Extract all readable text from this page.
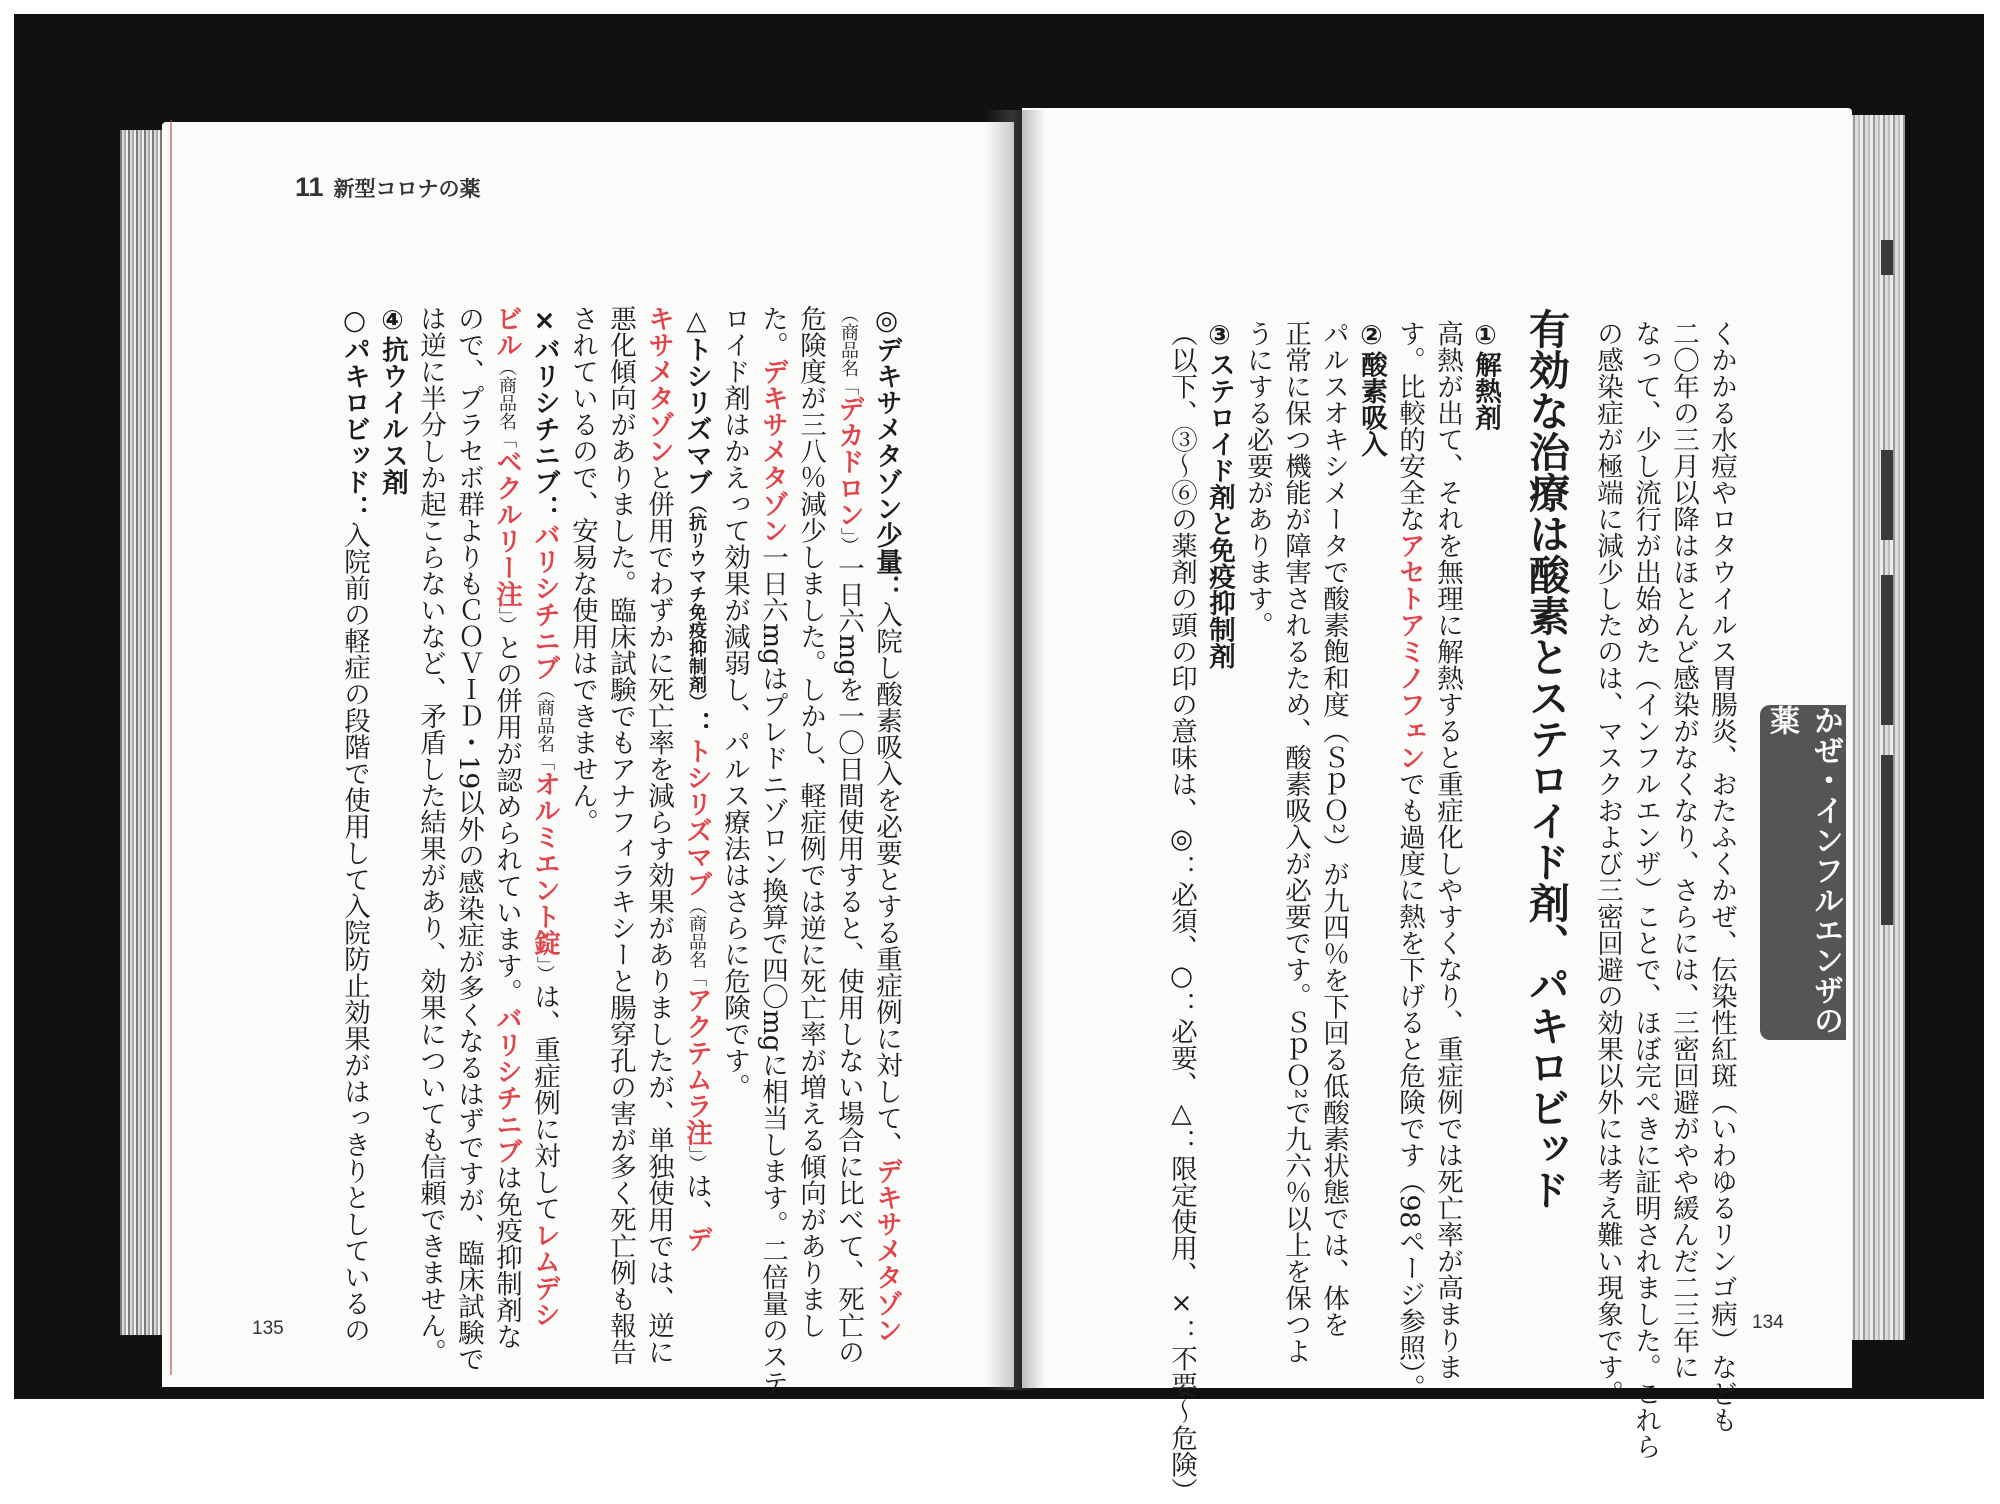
11 新型コロナの薬
◎デキサメタゾン少量：入院し酸素吸入を必要とする重症例に対して、デキサメタゾン
（商品名「デカドロン」）一日六mgを一〇日間使用すると、使用しない場合に比べて、死亡の
危険度が三八％減少しました。しかし、軽症例では逆に死亡率が増える傾向がありまし
た。デキサメタゾン一日六mgはプレドニゾロン換算で四〇mgに相当します。二倍量のステ
ロイド剤はかえって効果が減弱し、パルス療法はさらに危険です。
△トシリズマブ（抗リウマチ免疫抑制剤）：トシリズマブ（商品名「アクテムラ注」）は、デ
キサメタゾンと併用でわずかに死亡率を減らす効果がありましたが、単独使用では、逆に
悪化傾向がありました。臨床試験でもアナフィラキシーと腸穿孔の害が多く死亡例も報告
されているので、安易な使用はできません。
×バリシチニブ：バリシチニブ（商品名「オルミエント錠」）は、重症例に対してレムデシ
ビル（商品名「ベクルリー注」）との併用が認められています。バリシチニブは免疫抑制剤な
ので、プラセボ群よりもＣＯＶＩＤ・19以外の感染症が多くなるはずですが、臨床試験で
は逆に半分しか起こらないなど、矛盾した結果があり、効果についても信頼できません。
④抗ウイルス剤
○パキロビッド：入院前の軽症の段階で使用して入院防止効果がはっきりとしているの	くかかる水痘やロタウイルス胃腸炎、おたふくかぜ、伝染性紅斑（いわゆるリンゴ病）なども
二〇年の三月以降はほとんど感染がなくなり、さらには、三密回避がやや緩んだ二三年に
なって、少し流行が出始めた（インフルエンザ）ことで、ほぼ完ぺきに証明されました。これら
の感染症が極端に減少したのは、マスクおよび三密回避の効果以外には考え難い現象です。
有効な治療は酸素とステロイド剤、パキロビッド
①解熱剤
高熱が出て、それを無理に解熱すると重症化しやすくなり、重症例では死亡率が高まりま
す。比較的安全なアセトアミノフェンでも過度に熱を下げると危険です（98ページ参照）。
②酸素吸入
パルスオキシメータで酸素飽和度（ＳｐＯ²）が九四％を下回る低酸素状態では、体を
正常に保つ機能が障害されるため、酸素吸入が必要です。ＳｐＯ²で九六％以上を保つよ
うにする必要があります。
③ステロイド剤と免疫抑制剤
（以下、③〜⑥の薬剤の頭の印の意味は、◎：必須、○：必要、△：限定使用、×：不要〜危険）	かぜ・インフルエンザの薬
135	134
